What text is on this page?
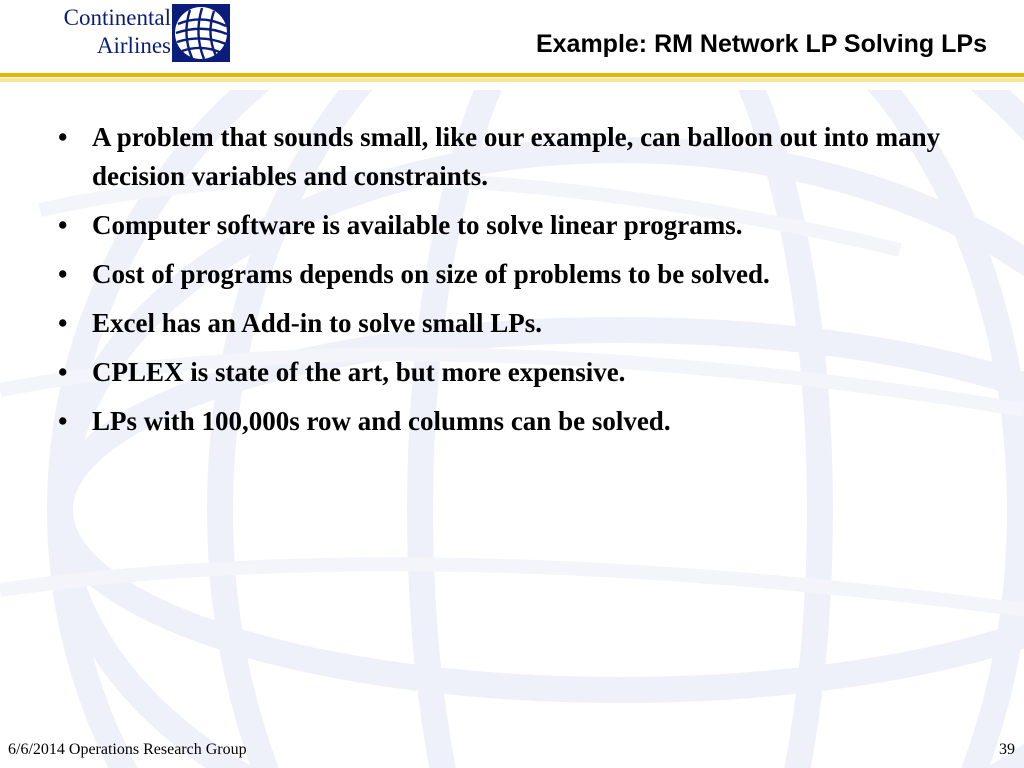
Continental
Airlines	Example: RM Network LP Solving LPs
• A problem that sounds small, like our example, can balloon out into many decision variables and constraints.
• Computer software is available to solve linear programs.
• Cost of programs depends on size of problems to be solved.
• Excel has an Add-in to solve small LPs.
• CPLEX is state of the art, but more expensive.
• LPs with 100,000s row and columns can be solved.
6/6/2014 Operations Research Group	39
